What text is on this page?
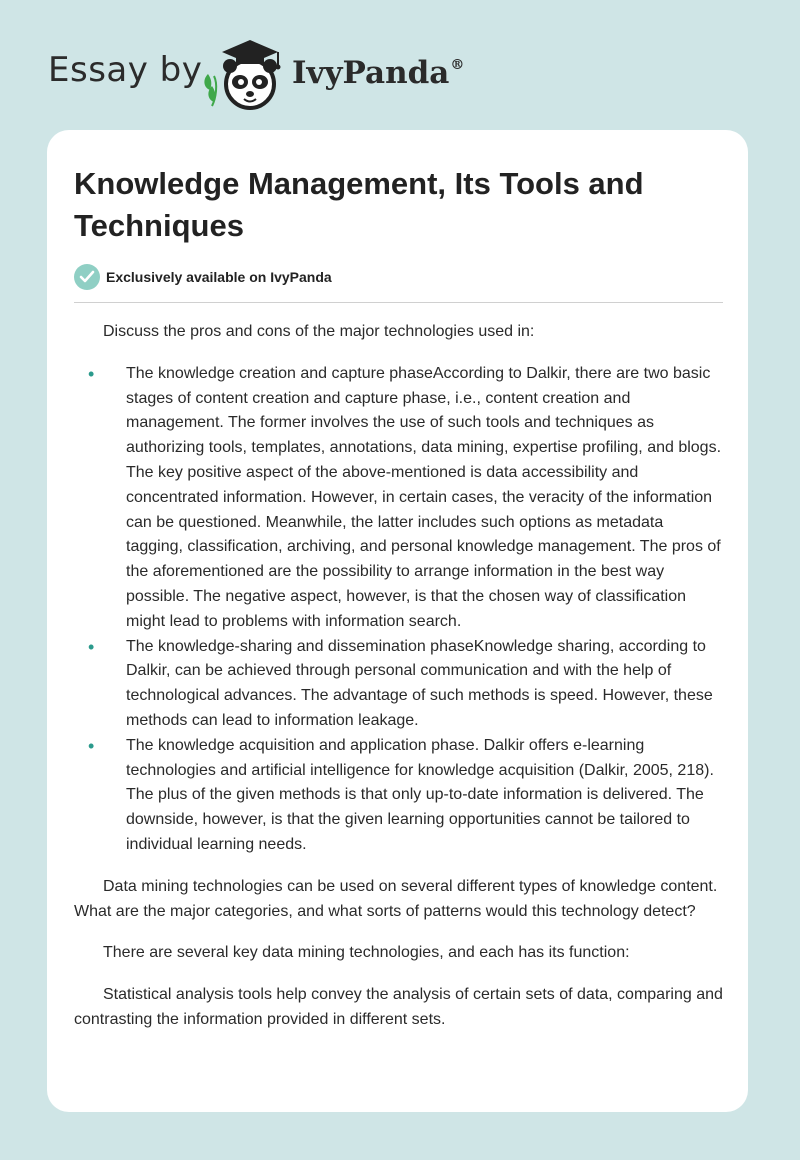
Essay by	IvyPanda®
Knowledge Management, Its Tools and Techniques
Exclusively available on IvyPanda

Discuss the pros and cons of the major technologies used in:

• The knowledge creation and capture phaseAccording to Dalkir, there are two basic stages of content creation and capture phase, i.e., content creation and management. The former involves the use of such tools and techniques as authorizing tools, templates, annotations, data mining, expertise profiling, and blogs. The key positive aspect of the above-mentioned is data accessibility and concentrated information. However, in certain cases, the veracity of the information can be questioned. Meanwhile, the latter includes such options as metadata tagging, classification, archiving, and personal knowledge management. The pros of the aforementioned are the possibility to arrange information in the best way possible. The negative aspect, however, is that the chosen way of classification might lead to problems with information search.
• The knowledge-sharing and dissemination phaseKnowledge sharing, according to Dalkir, can be achieved through personal communication and with the help of technological advances. The advantage of such methods is speed. However, these methods can lead to information leakage.
• The knowledge acquisition and application phase. Dalkir offers e-learning technologies and artificial intelligence for knowledge acquisition (Dalkir, 2005, 218). The plus of the given methods is that only up-to-date information is delivered. The downside, however, is that the given learning opportunities cannot be tailored to individual learning needs.

Data mining technologies can be used on several different types of knowledge content. What are the major categories, and what sorts of patterns would this technology detect?

There are several key data mining technologies, and each has its function:

Statistical analysis tools help convey the analysis of certain sets of data, comparing and contrasting the information provided in different sets.
